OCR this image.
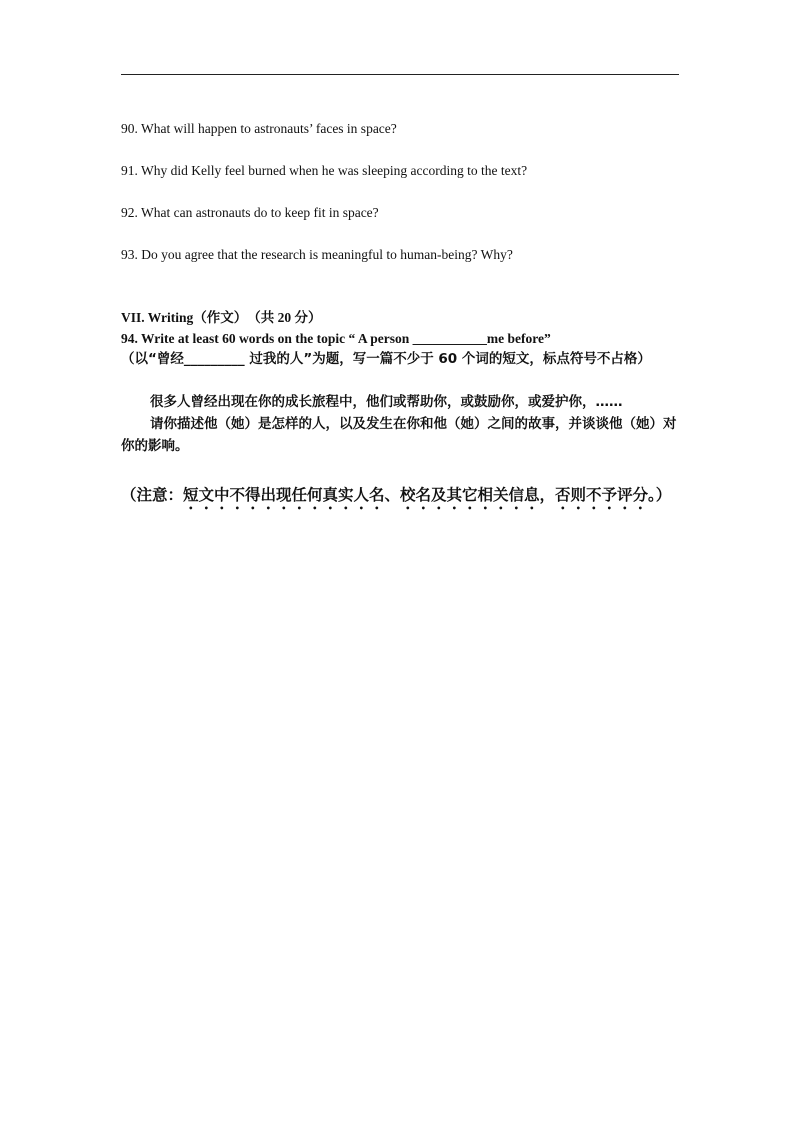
90. What will happen to astronauts’ faces in space?
91. Why did Kelly feel burned when he was sleeping according to the text?
92. What can astronauts do to keep fit in space?
93. Do you agree that the research is meaningful to human-being? Why?
VII. Writing（作文）　（共 20 分）
94. Write at least 60 words on the topic “ A person ___________me before”
（以“曾经_________ 过我的人”为题，写一篇不少于 60 个词的短文，标点符号不占格）
很多人曾经出现在你的成长旅程中，他们或帮助你，或鼓励你，或爱护你，……
请你描述他（她）是怎样的人，以及发生在你和他（她）之间的故事，并谈谈他（她）对你的影响。
（注意：短文中不得出现任何真实人名、校名及其它相关信息，否则不予评分。）
